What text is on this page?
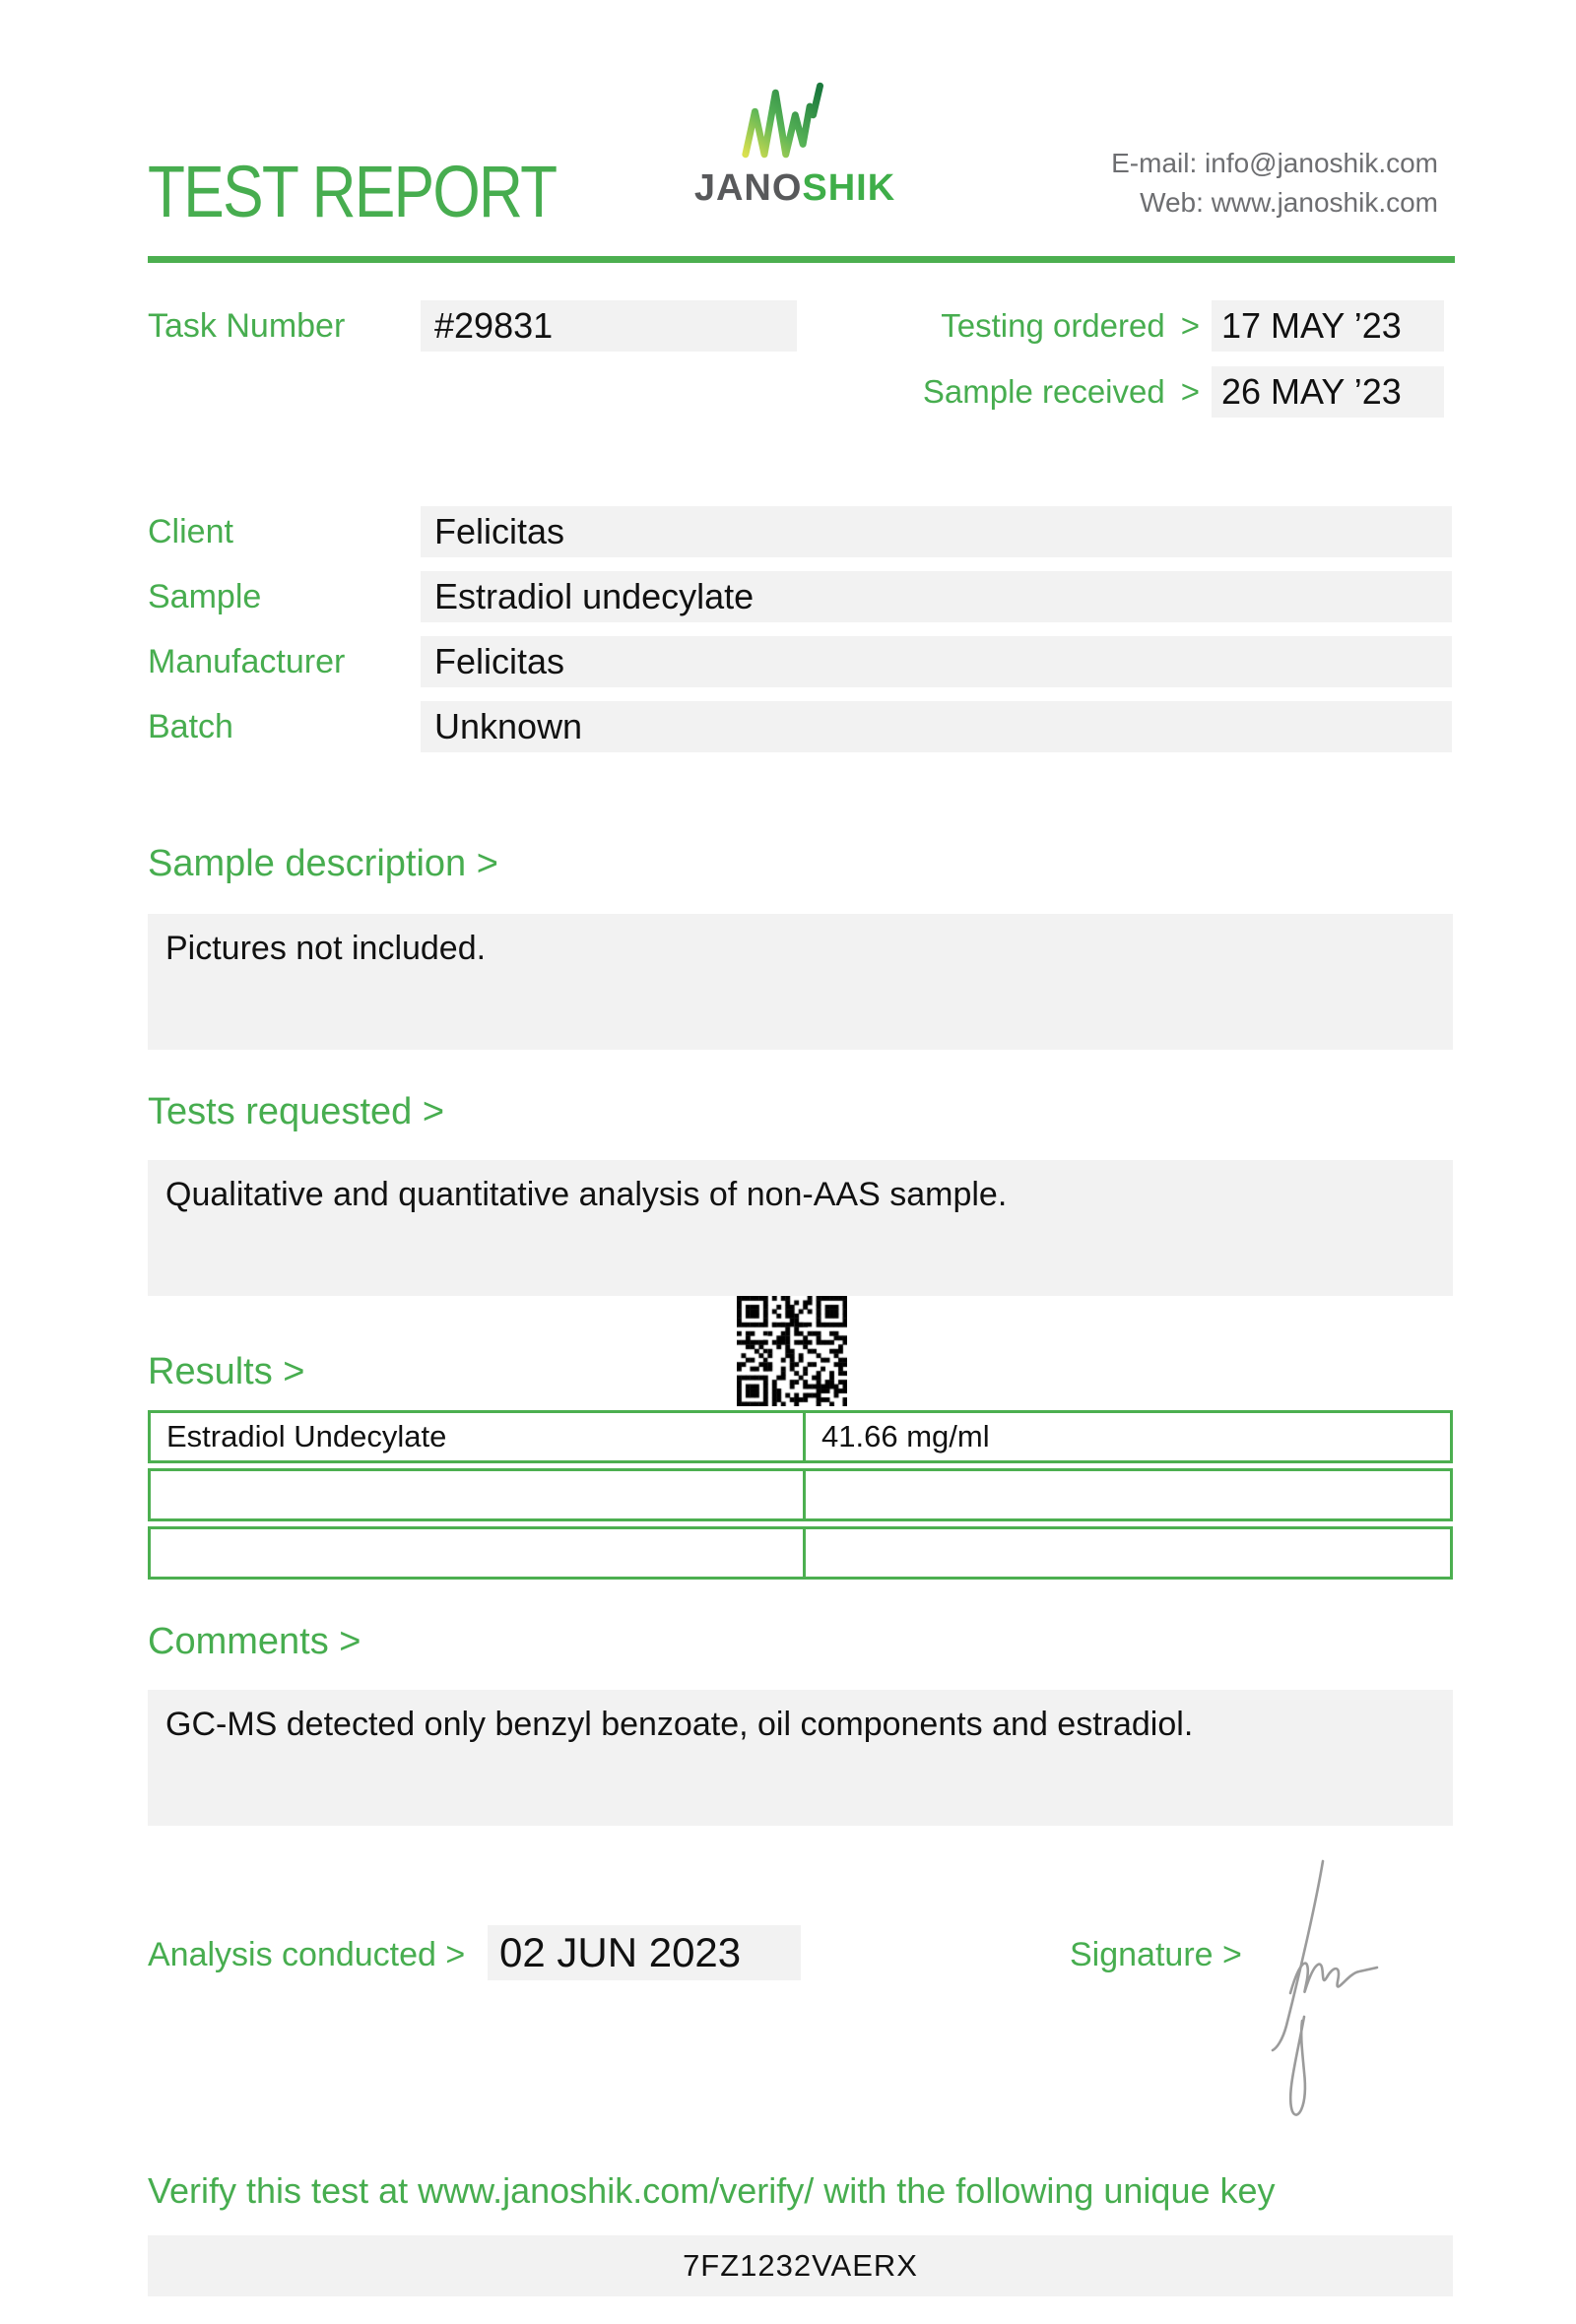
TEST REPORT	JANOSHIK
E-mail: info@janoshik.com
Web: www.janoshik.com
Task Number	#29831	Testing ordered > 17 MAY ’23
Sample received > 26 MAY ’23
Client	Felicitas
Sample	Estradiol undecylate
Manufacturer	Felicitas
Batch	Unknown
Sample description >
Pictures not included.
Tests requested >
Qualitative and quantitative analysis of non-AAS sample.
Results >
Estradiol Undecylate	41.66 mg/ml
Comments >
GC-MS detected only benzyl benzoate, oil components and estradiol.
Analysis conducted > 02 JUN 2023	Signature >
Verify this test at www.janoshik.com/verify/ with the following unique key
7FZ1232VAERX
